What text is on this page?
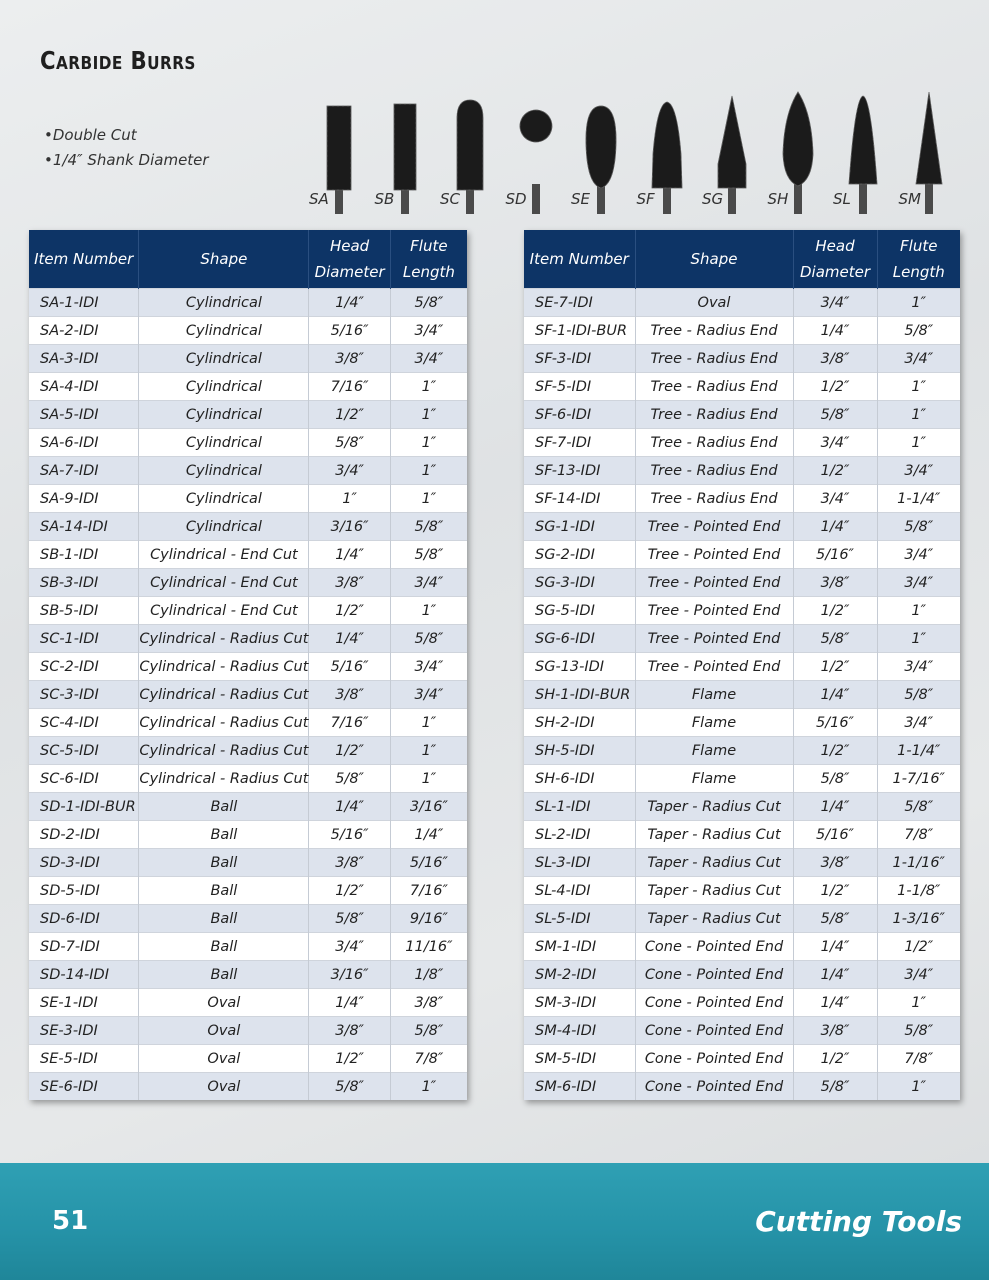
Carbide Burrs
• Double Cut
• 1/4″ Shank Diameter
SA	SB	SC	SD	SE	SF	SG	SH	SL	SM
Item Number	Shape	Head
Diameter	Flute
Length
SA-1-IDI	Cylindrical	1/4″	5/8″
SA-2-IDI	Cylindrical	5/16″	3/4″
SA-3-IDI	Cylindrical	3/8″	3/4″
SA-4-IDI	Cylindrical	7/16″	1″
SA-5-IDI	Cylindrical	1/2″	1″
SA-6-IDI	Cylindrical	5/8″	1″
SA-7-IDI	Cylindrical	3/4″	1″
SA-9-IDI	Cylindrical	1″	1″
SA-14-IDI	Cylindrical	3/16″	5/8″
SB-1-IDI	Cylindrical - End Cut	1/4″	5/8″
SB-3-IDI	Cylindrical - End Cut	3/8″	3/4″
SB-5-IDI	Cylindrical - End Cut	1/2″	1″
SC-1-IDI	Cylindrical - Radius Cut	1/4″	5/8″
SC-2-IDI	Cylindrical - Radius Cut	5/16″	3/4″
SC-3-IDI	Cylindrical - Radius Cut	3/8″	3/4″
SC-4-IDI	Cylindrical - Radius Cut	7/16″	1″
SC-5-IDI	Cylindrical - Radius Cut	1/2″	1″
SC-6-IDI	Cylindrical - Radius Cut	5/8″	1″
SD-1-IDI-BUR	Ball	1/4″	3/16″
SD-2-IDI	Ball	5/16″	1/4″
SD-3-IDI	Ball	3/8″	5/16″
SD-5-IDI	Ball	1/2″	7/16″
SD-6-IDI	Ball	5/8″	9/16″
SD-7-IDI	Ball	3/4″	11/16″
SD-14-IDI	Ball	3/16″	1/8″
SE-1-IDI	Oval	1/4″	3/8″
SE-3-IDI	Oval	3/8″	5/8″
SE-5-IDI	Oval	1/2″	7/8″
SE-6-IDI	Oval	5/8″	1″
Item Number	Shape	Head
Diameter	Flute
Length
SE-7-IDI	Oval	3/4″	1″
SF-1-IDI-BUR	Tree - Radius End	1/4″	5/8″
SF-3-IDI	Tree - Radius End	3/8″	3/4″
SF-5-IDI	Tree - Radius End	1/2″	1″
SF-6-IDI	Tree - Radius End	5/8″	1″
SF-7-IDI	Tree - Radius End	3/4″	1″
SF-13-IDI	Tree - Radius End	1/2″	3/4″
SF-14-IDI	Tree - Radius End	3/4″	1-1/4″
SG-1-IDI	Tree - Pointed End	1/4″	5/8″
SG-2-IDI	Tree - Pointed End	5/16″	3/4″
SG-3-IDI	Tree - Pointed End	3/8″	3/4″
SG-5-IDI	Tree - Pointed End	1/2″	1″
SG-6-IDI	Tree - Pointed End	5/8″	1″
SG-13-IDI	Tree - Pointed End	1/2″	3/4″
SH-1-IDI-BUR	Flame	1/4″	5/8″
SH-2-IDI	Flame	5/16″	3/4″
SH-5-IDI	Flame	1/2″	1-1/4″
SH-6-IDI	Flame	5/8″	1-7/16″
SL-1-IDI	Taper - Radius Cut	1/4″	5/8″
SL-2-IDI	Taper - Radius Cut	5/16″	7/8″
SL-3-IDI	Taper - Radius Cut	3/8″	1-1/16″
SL-4-IDI	Taper - Radius Cut	1/2″	1-1/8″
SL-5-IDI	Taper - Radius Cut	5/8″	1-3/16″
SM-1-IDI	Cone - Pointed End	1/4″	1/2″
SM-2-IDI	Cone - Pointed End	1/4″	3/4″
SM-3-IDI	Cone - Pointed End	1/4″	1″
SM-4-IDI	Cone - Pointed End	3/8″	5/8″
SM-5-IDI	Cone - Pointed End	1/2″	7/8″
SM-6-IDI	Cone - Pointed End	5/8″	1″
51	Cutting Tools
